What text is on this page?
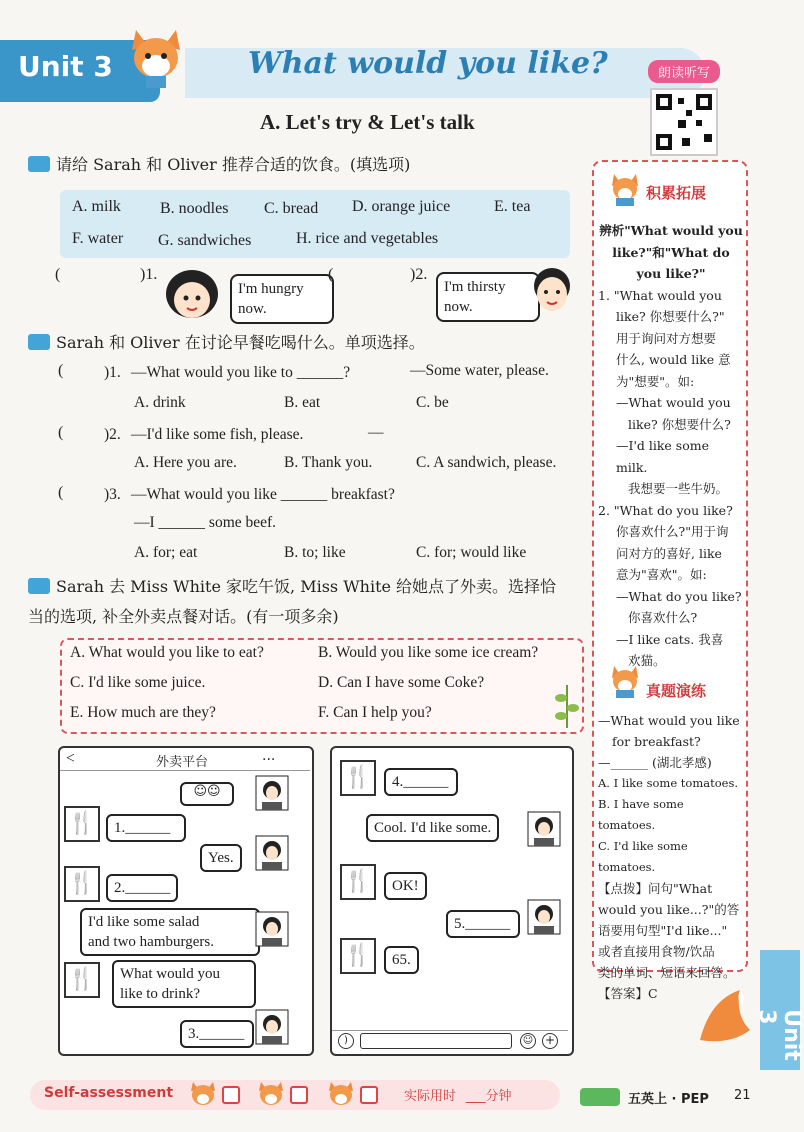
Unit 3	What would you like?	朗读听写
A. Let's try & Let's talk
请给 Sarah 和 Oliver 推荐合适的饮食。(填选项)
A. milk B. noodles C. bread D. orange juice	E. tea
F. water G. sandwiches	H. rice and vegetables
(	)1.
I'm hungry
now.
(	)2.
I'm thirsty
now.
Sarah 和 Oliver 在讨论早餐吃喝什么。单项选择。
(	)1. —What would you like to ______?	—Some water, please.
A. drink	B. eat	C. be
(	)2. —I'd like some fish, please.	—
A. Here you are.	B. Thank you.	C. A sandwich, please.
(	)3. —What would you like ______ breakfast?
—I ______ some beef.
A. for; eat	B. to; like	C. for; would like
Sarah 去 Miss White 家吃午饭, Miss White 给她点了外卖。选择恰
当的选项, 补全外卖点餐对话。(有一项多余)
A. What would you like to eat?	B. Would you like some ice cream?
C. I'd like some juice.	D. Can I have some Coke?
E. How much are they?	F. Can I help you?
<	外卖平台	...
☺☺
🍴	1.______
Yes.
🍴	2.______
I'd like some salad
and two hamburgers.
🍴 What would you
like to drink?
3.______
🍴	4.______
Cool. I'd like some.
🍴	OK!
5.______
🍴	65.
)	☺ +
积累拓展
辨析"What would you
like?"和"What do
you like?"
1. "What would you
like? 你想要什么?"
用于询问对方想要
什么, would like 意
为"想要"。如:
—What would you
like? 你想要什么?
—I'd like some milk.
我想要一些牛奶。
2. "What do you like?
你喜欢什么?"用于询
问对方的喜好, like
意为"喜欢"。如:
—What do you like?
你喜欢什么?
—I like cats. 我喜
欢猫。
真题演练
—What would you like
for breakfast?
—______ (湖北孝感)
A. I like some tomatoes.
B. I have some tomatoes.
C. I'd like some tomatoes.
【点拨】问句"What
would you like...?"的答
语要用句型"I'd like..."
或者直接用食物/饮品
类的单词、短语来回答。
【答案】C
Unit 3
Self-assessment	实际用时 ___分钟	五英上 · PEP 21
